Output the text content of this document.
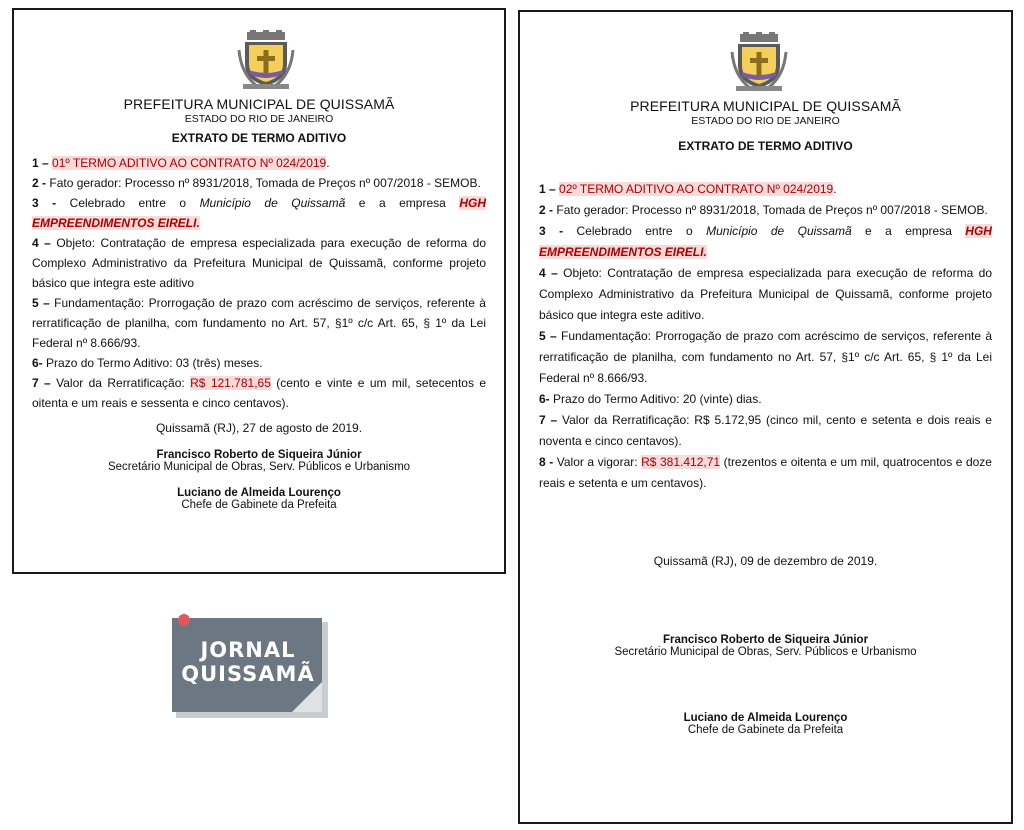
PREFEITURA MUNICIPAL DE QUISSAMÃ
ESTADO DO RIO DE JANEIRO
EXTRATO DE TERMO ADITIVO
1 – 01º TERMO ADITIVO AO CONTRATO Nº 024/2019.
2 - Fato gerador: Processo nº 8931/2018, Tomada de Preços nº 007/2018 - SEMOB.
3 - Celebrado entre o Município de Quissamã e a empresa HGH EMPREENDIMENTOS EIRELI.
4 – Objeto: Contratação de empresa especializada para execução de reforma do Complexo Administrativo da Prefeitura Municipal de Quissamã, conforme projeto básico que integra este aditivo
5 – Fundamentação: Prorrogação de prazo com acréscimo de serviços, referente à rerratificação de planilha, com fundamento no Art. 57, §1º c/c Art. 65, § 1º da Lei Federal nº 8.666/93.
6- Prazo do Termo Aditivo: 03 (três) meses.
7 – Valor da Rerratificação: R$ 121.781,65 (cento e vinte e um mil, setecentos e oitenta e um reais e sessenta e cinco centavos).
Quissamã (RJ), 27 de agosto de 2019.
Francisco Roberto de Siqueira Júnior
Secretário Municipal de Obras, Serv. Públicos e Urbanismo
Luciano de Almeida Lourenço
Chefe de Gabinete da Prefeita
JORNAL
QUISSAMÃ
PREFEITURA MUNICIPAL DE QUISSAMÃ
ESTADO DO RIO DE JANEIRO
EXTRATO DE TERMO ADITIVO
1 – 02º TERMO ADITIVO AO CONTRATO Nº 024/2019.
2 - Fato gerador: Processo nº 8931/2018, Tomada de Preços nº 007/2018 - SEMOB.
3 - Celebrado entre o Município de Quissamã e a empresa HGH EMPREENDIMENTOS EIRELI.
4 – Objeto: Contratação de empresa especializada para execução de reforma do Complexo Administrativo da Prefeitura Municipal de Quissamã, conforme projeto básico que integra este aditivo.
5 – Fundamentação: Prorrogação de prazo com acréscimo de serviços, referente à rerratificação de planilha, com fundamento no Art. 57, §1º c/c Art. 65, § 1º da Lei Federal nº 8.666/93.
6- Prazo do Termo Aditivo: 20 (vinte) dias.
7 – Valor da Rerratificação: R$ 5.172,95 (cinco mil, cento e setenta e dois reais e noventa e cinco centavos).
8 - Valor a vigorar: R$ 381.412,71 (trezentos e oitenta e um mil, quatrocentos e doze reais e setenta e um centavos).
Quissamã (RJ), 09 de dezembro de 2019.
Francisco Roberto de Siqueira Júnior
Secretário Municipal de Obras, Serv. Públicos e Urbanismo
Luciano de Almeida Lourenço
Chefe de Gabinete da Prefeita
